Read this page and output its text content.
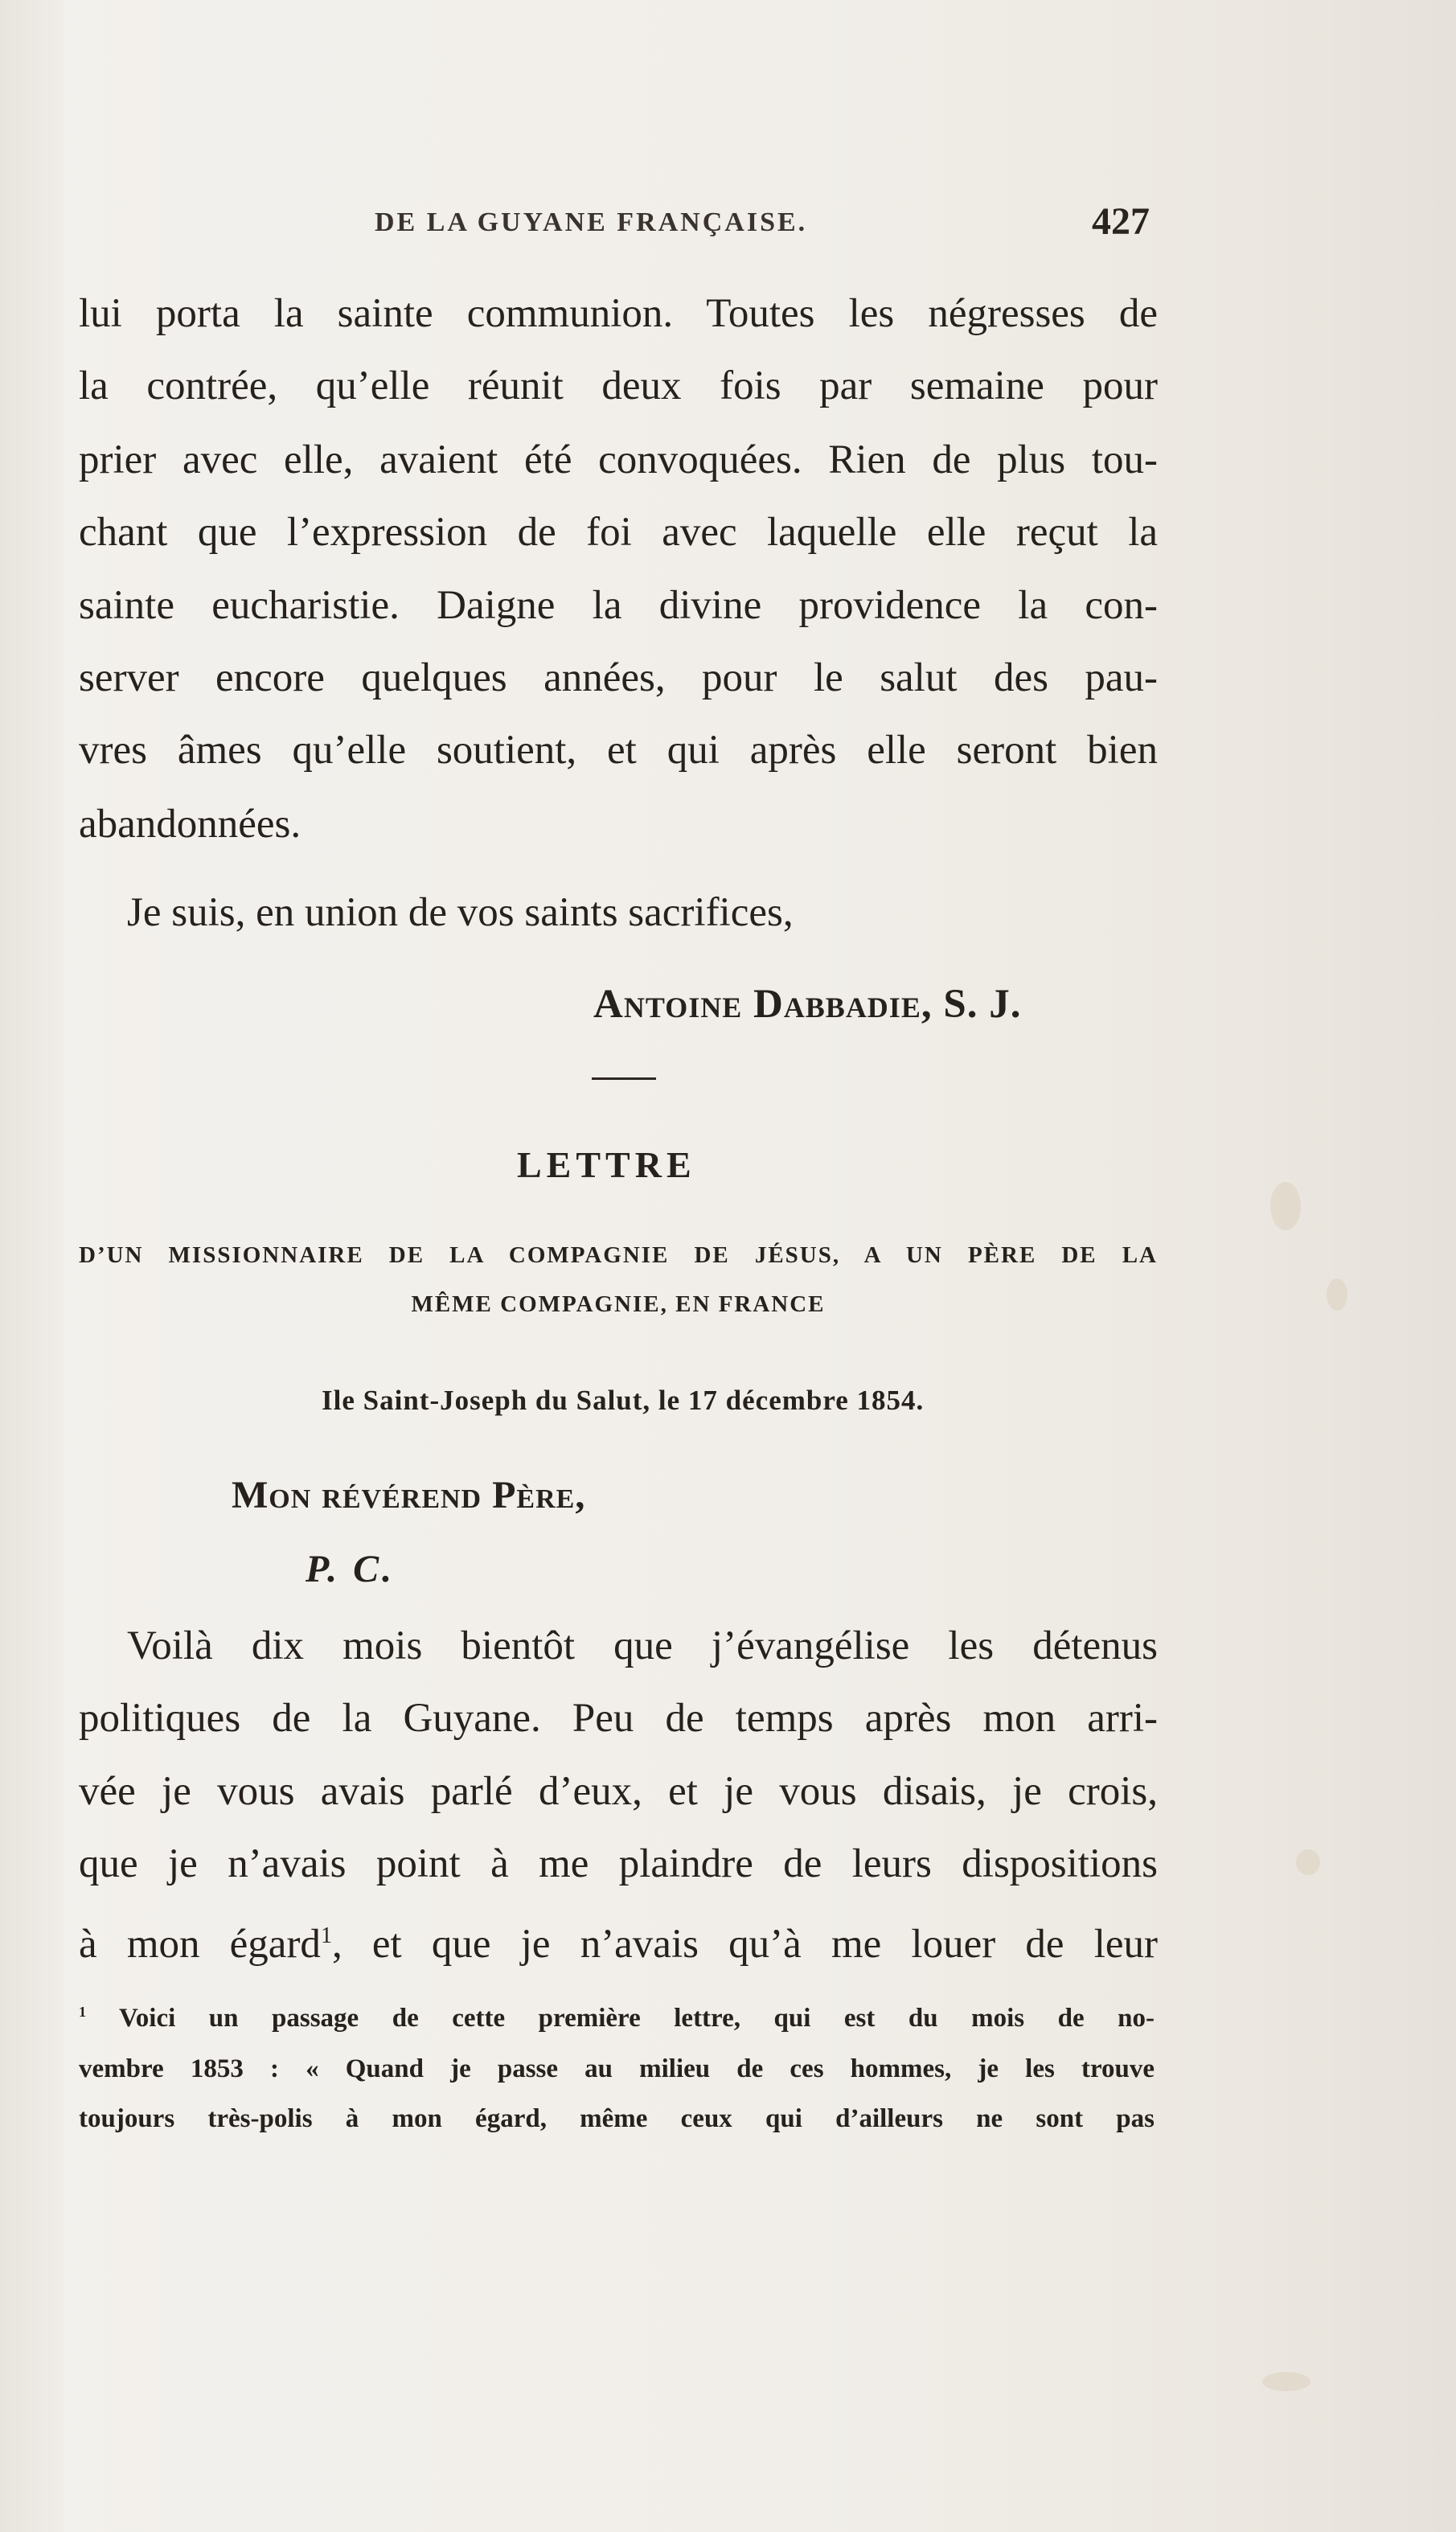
DE LA GUYANE FRANÇAISE.	427
lui porta la sainte communion. Toutes les négresses de
la contrée, qu’elle réunit deux fois par semaine pour
prier avec elle, avaient été convoquées. Rien de plus tou-
chant que l’expression de foi avec laquelle elle reçut la
sainte eucharistie. Daigne la divine providence la con-
server encore quelques années, pour le salut des pau-
vres âmes qu’elle soutient, et qui après elle seront bien
abandonnées.
Je suis, en union de vos saints sacrifices,
Antoine Dabbadie, S. J.
LETTRE
D’UN MISSIONNAIRE DE LA COMPAGNIE DE JÉSUS, A UN PÈRE DE LA
MÊME COMPAGNIE, EN FRANCE
Ile Saint-Joseph du Salut, le 17 décembre 1854.
Mon révérend Père,
P. C.
Voilà dix mois bientôt que j’évangélise les détenus
politiques de la Guyane. Peu de temps après mon arri-
vée je vous avais parlé d’eux, et je vous disais, je crois,
que je n’avais point à me plaindre de leurs dispositions
à mon égard$^1$, et que je n’avais qu’à me louer de leur
$^1$ Voici un passage de cette première lettre, qui est du mois de no-
vembre 1853 : « Quand je passe au milieu de ces hommes, je les trouve
toujours très-polis à mon égard, même ceux qui d’ailleurs ne sont pas
